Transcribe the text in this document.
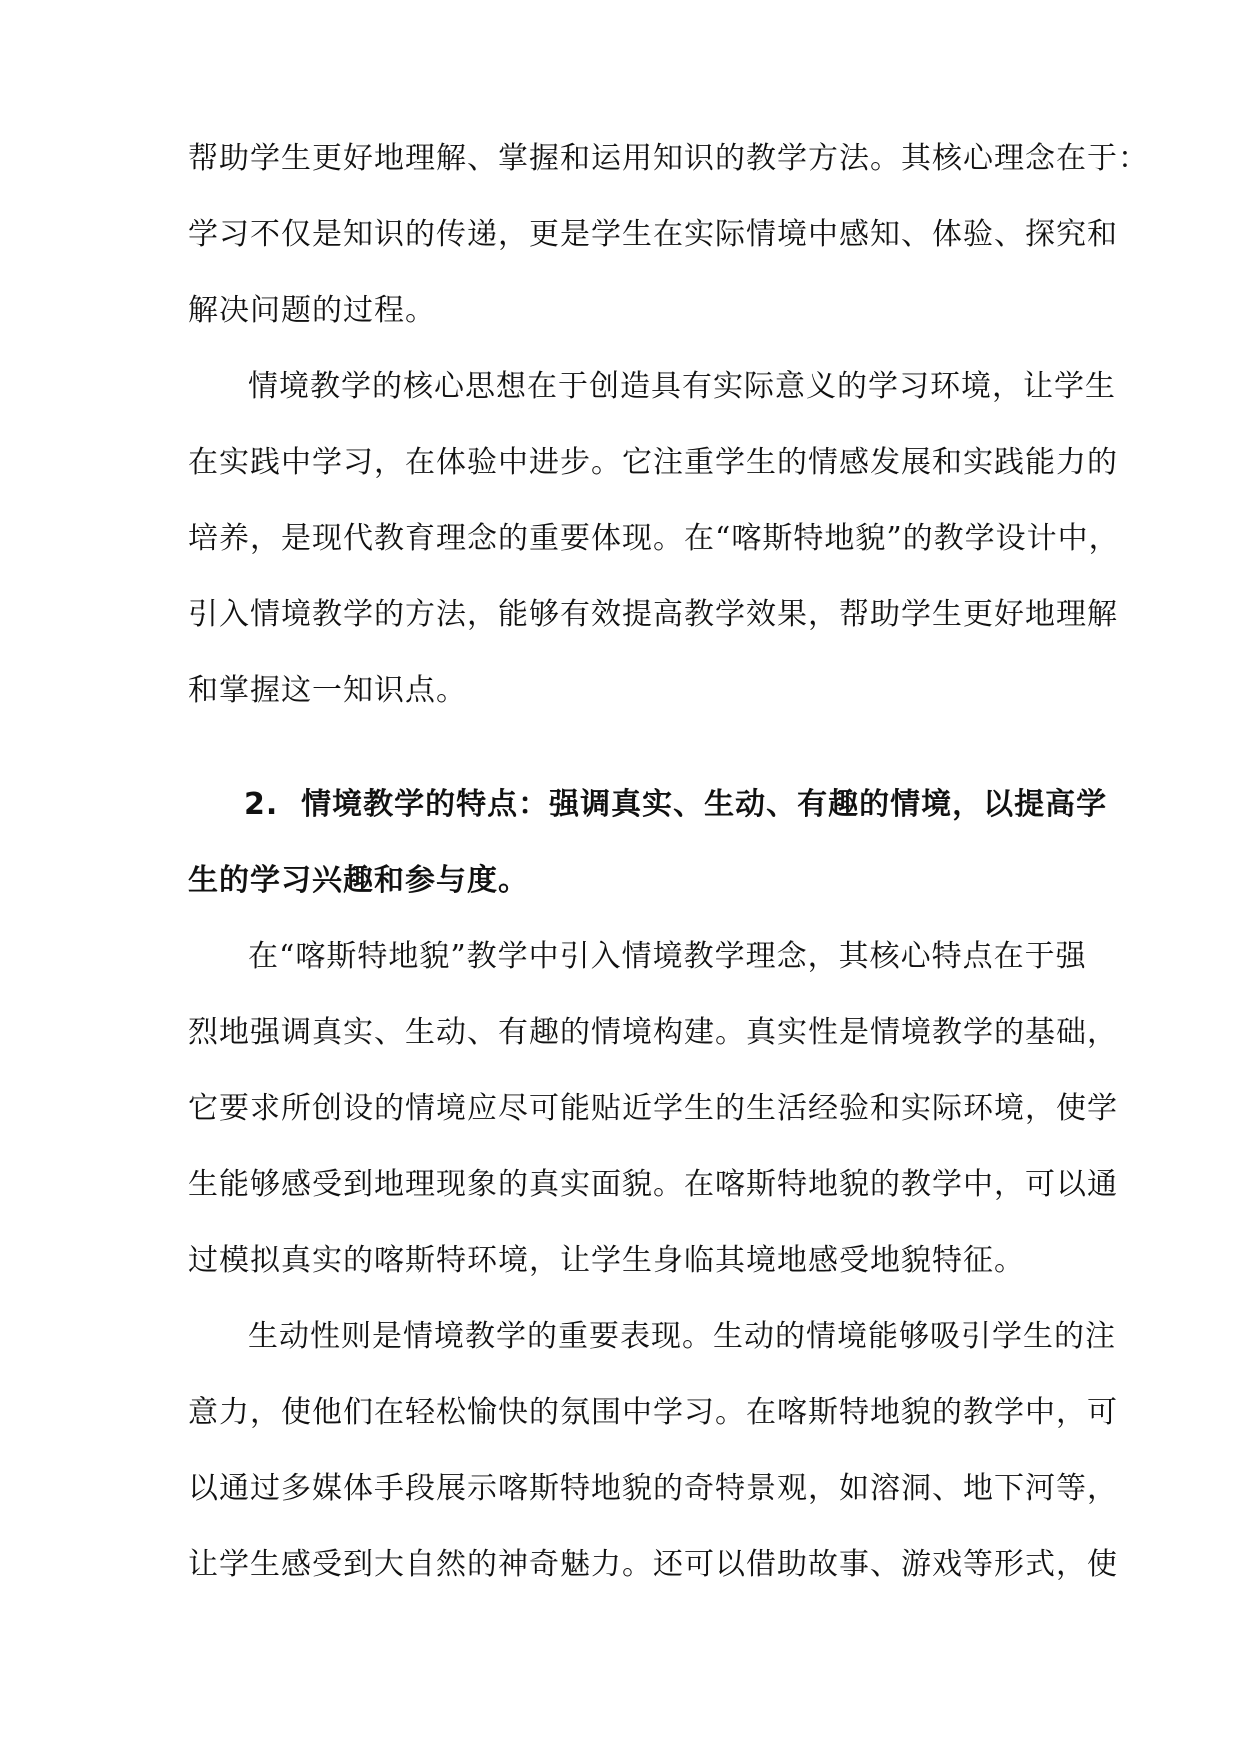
帮助学生更好地理解、掌握和运用知识的教学方法。其核心理念在于：
学习不仅是知识的传递，更是学生在实际情境中感知、体验、探究和
解决问题的过程。
情境教学的核心思想在于创造具有实际意义的学习环境，让学生
在实践中学习，在体验中进步。它注重学生的情感发展和实践能力的
培养，是现代教育理念的重要体现。在“喀斯特地貌”的教学设计中，
引入情境教学的方法，能够有效提高教学效果，帮助学生更好地理解
和掌握这一知识点。
2. 情境教学的特点：强调真实、生动、有趣的情境，以提高学
生的学习兴趣和参与度。
在“喀斯特地貌”教学中引入情境教学理念，其核心特点在于强
烈地强调真实、生动、有趣的情境构建。真实性是情境教学的基础，
它要求所创设的情境应尽可能贴近学生的生活经验和实际环境，使学
生能够感受到地理现象的真实面貌。在喀斯特地貌的教学中，可以通
过模拟真实的喀斯特环境，让学生身临其境地感受地貌特征。
生动性则是情境教学的重要表现。生动的情境能够吸引学生的注
意力，使他们在轻松愉快的氛围中学习。在喀斯特地貌的教学中，可
以通过多媒体手段展示喀斯特地貌的奇特景观，如溶洞、地下河等，
让学生感受到大自然的神奇魅力。还可以借助故事、游戏等形式，使
